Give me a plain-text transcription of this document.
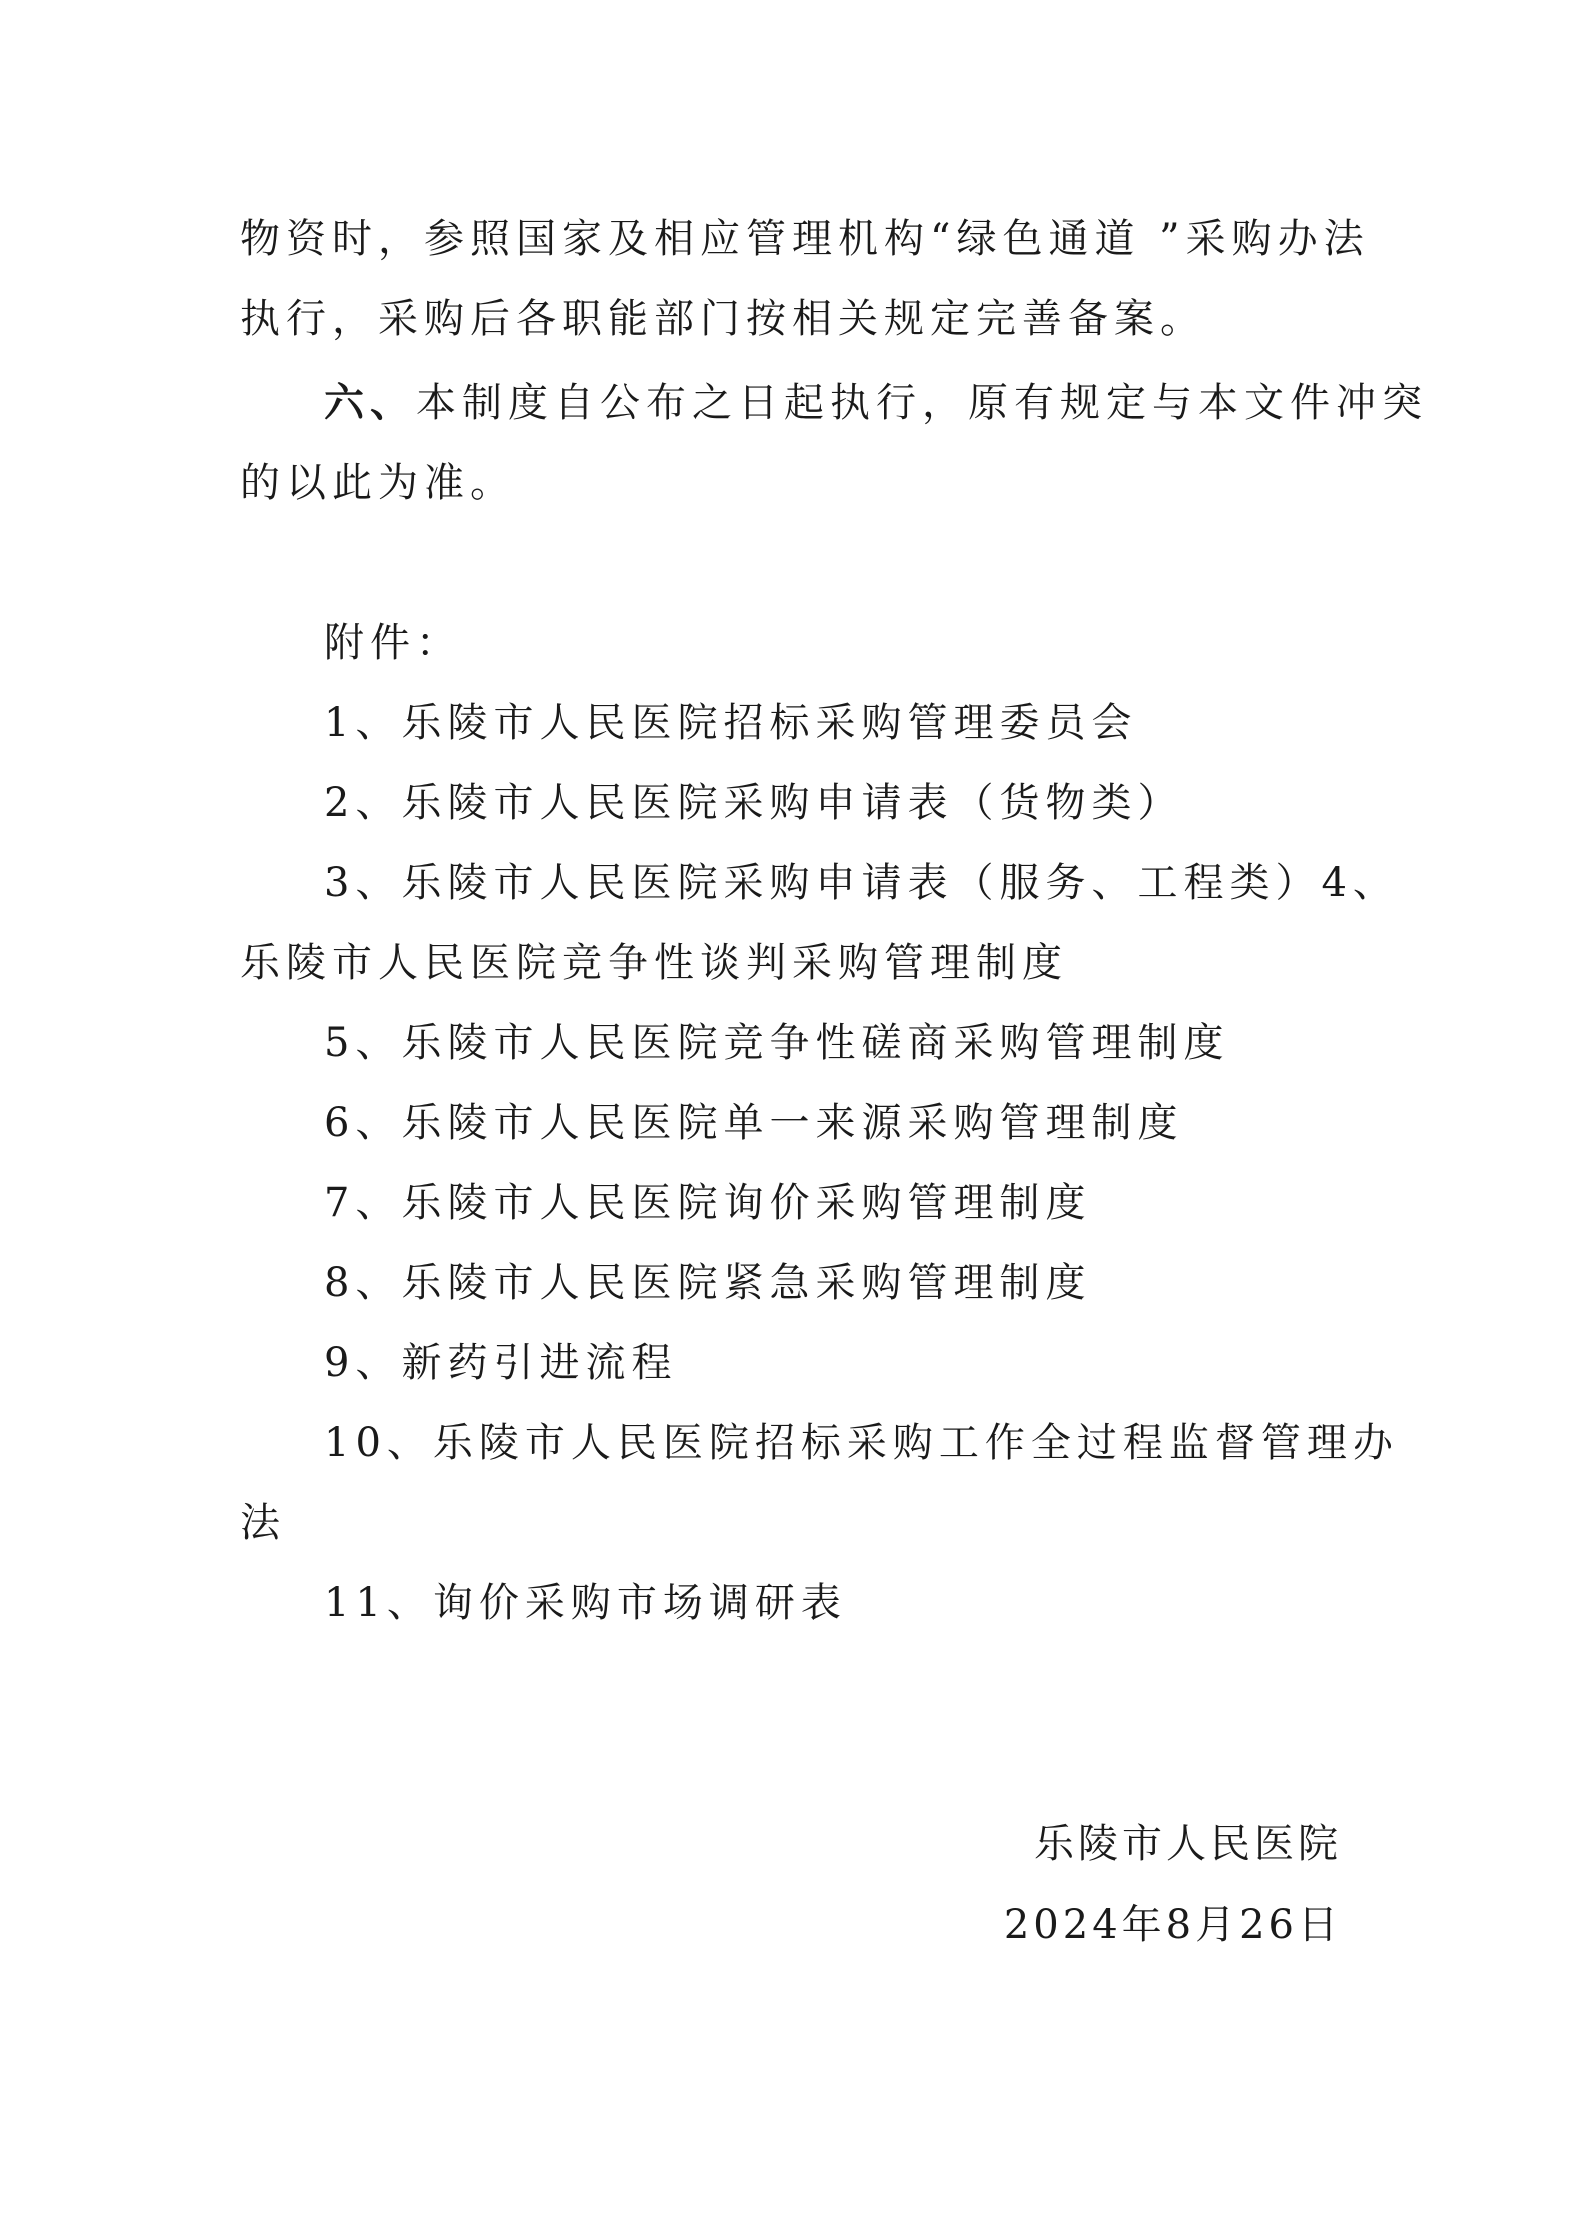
物资时，参照国家及相应管理机构“绿色通道 ”采购办法
执行，采购后各职能部门按相关规定完善备案。
六、本制度自公布之日起执行，原有规定与本文件冲突
的以此为准。
附件：
1、乐陵市人民医院招标采购管理委员会
2、乐陵市人民医院采购申请表（货物类）
3、乐陵市人民医院采购申请表（服务、工程类）4、
乐陵市人民医院竞争性谈判采购管理制度
5、乐陵市人民医院竞争性磋商采购管理制度
6、乐陵市人民医院单一来源采购管理制度
7、乐陵市人民医院询价采购管理制度
8、乐陵市人民医院紧急采购管理制度
9、新药引进流程
10、乐陵市人民医院招标采购工作全过程监督管理办
法
11、询价采购市场调研表
乐陵市人民医院
2024年8月26日
